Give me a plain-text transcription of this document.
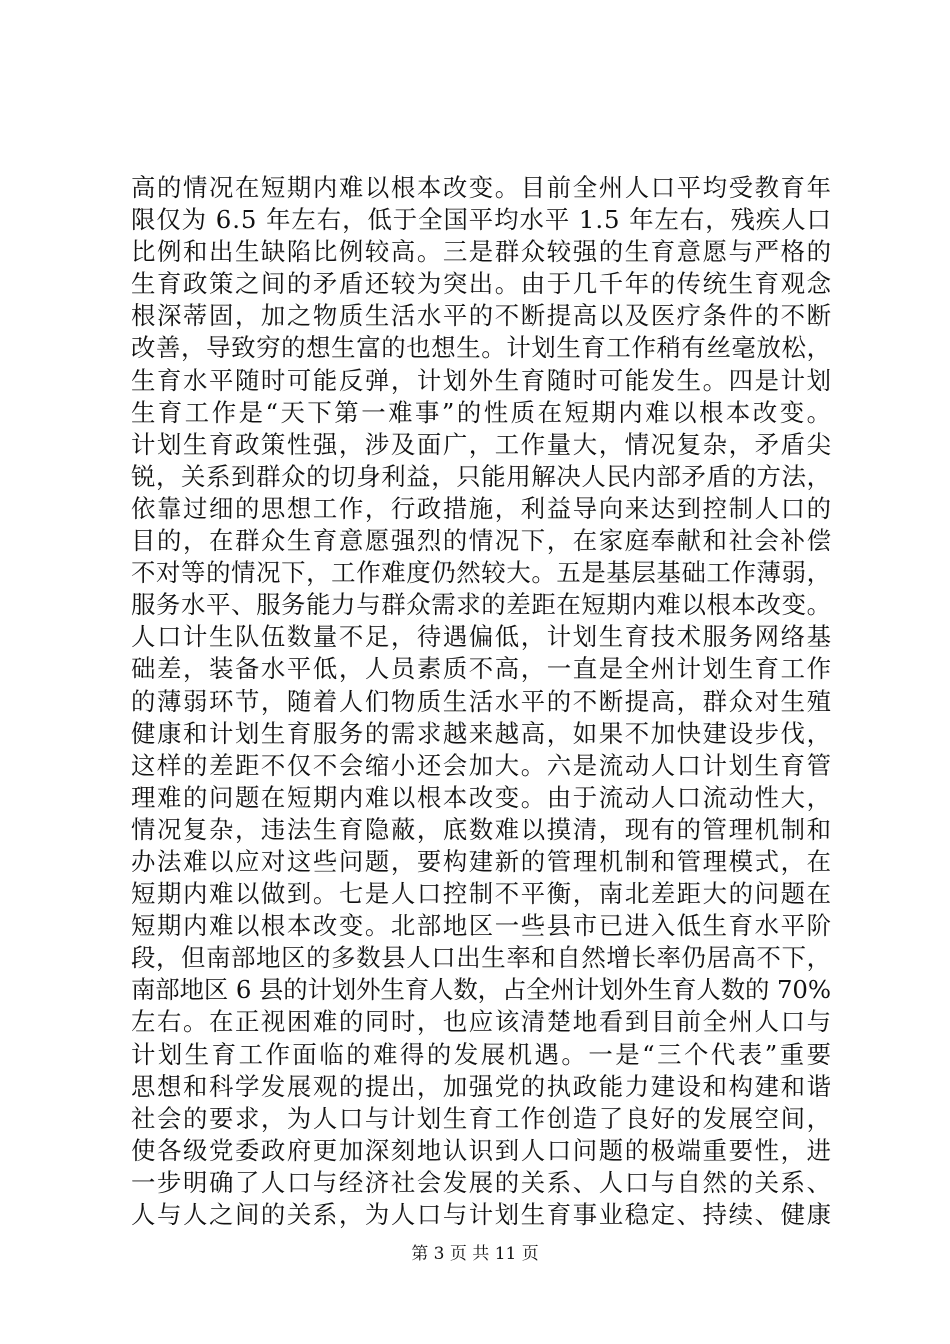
高的情况在短期内难以根本改变。目前全州人口平均受教育年
限仅为 6.5 年左右，低于全国平均水平 1.5 年左右，残疾人口
比例和出生缺陷比例较高。三是群众较强的生育意愿与严格的
生育政策之间的矛盾还较为突出。由于几千年的传统生育观念
根深蒂固，加之物质生活水平的不断提高以及医疗条件的不断
改善，导致穷的想生富的也想生。计划生育工作稍有丝毫放松，
生育水平随时可能反弹，计划外生育随时可能发生。四是计划
生育工作是“天下第一难事”的性质在短期内难以根本改变。
计划生育政策性强，涉及面广，工作量大，情况复杂，矛盾尖
锐，关系到群众的切身利益，只能用解决人民内部矛盾的方法，
依靠过细的思想工作，行政措施，利益导向来达到控制人口的
目的，在群众生育意愿强烈的情况下，在家庭奉献和社会补偿
不对等的情况下，工作难度仍然较大。五是基层基础工作薄弱，
服务水平、服务能力与群众需求的差距在短期内难以根本改变。
人口计生队伍数量不足，待遇偏低，计划生育技术服务网络基
础差，装备水平低，人员素质不高，一直是全州计划生育工作
的薄弱环节，随着人们物质生活水平的不断提高，群众对生殖
健康和计划生育服务的需求越来越高，如果不加快建设步伐，
这样的差距不仅不会缩小还会加大。六是流动人口计划生育管
理难的问题在短期内难以根本改变。由于流动人口流动性大，
情况复杂，违法生育隐蔽，底数难以摸清，现有的管理机制和
办法难以应对这些问题，要构建新的管理机制和管理模式，在
短期内难以做到。七是人口控制不平衡，南北差距大的问题在
短期内难以根本改变。北部地区一些县市已进入低生育水平阶
段，但南部地区的多数县人口出生率和自然增长率仍居高不下，
南部地区 6 县的计划外生育人数，占全州计划外生育人数的 70%
左右。在正视困难的同时，也应该清楚地看到目前全州人口与
计划生育工作面临的难得的发展机遇。一是“三个代表”重要
思想和科学发展观的提出，加强党的执政能力建设和构建和谐
社会的要求，为人口与计划生育工作创造了良好的发展空间，
使各级党委政府更加深刻地认识到人口问题的极端重要性，进
一步明确了人口与经济社会发展的关系、人口与自然的关系、
人与人之间的关系，为人口与计划生育事业稳定、持续、健康
第 3 页 共 11 页
